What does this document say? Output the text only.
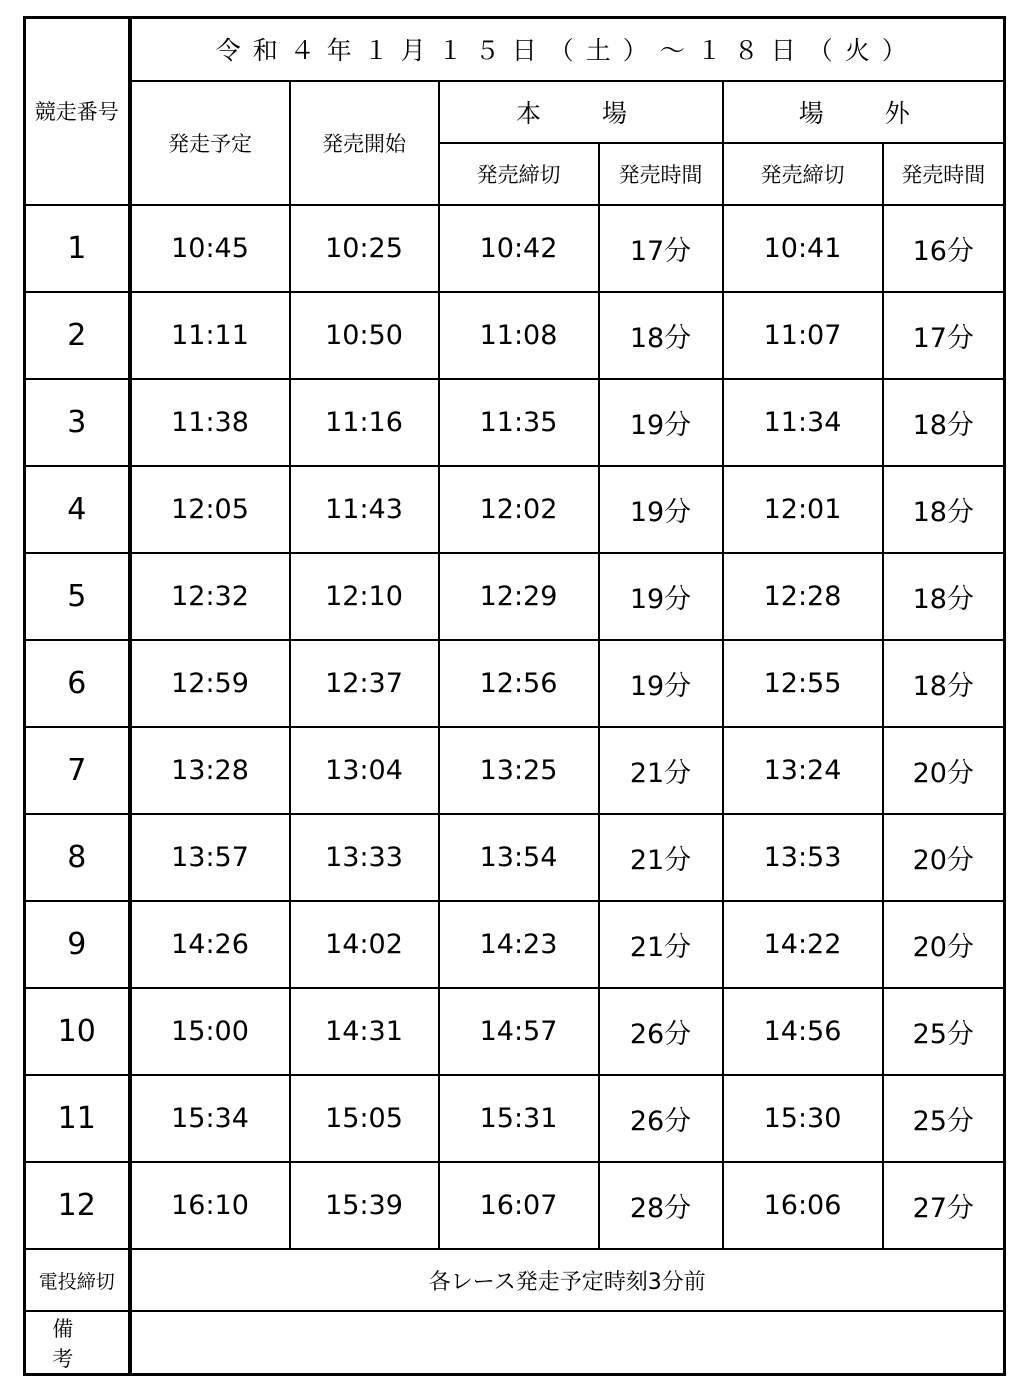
競走番号	令和４年１月１５日（土）～１８日（火）					
	発走予定	発売開始	本　場		場　外	
			発売締切	発売時間	発売締切	発売時間
1	10:45	10:25	10:42	17分	10:41	16分
2	11:11	10:50	11:08	18分	11:07	17分
3	11:38	11:16	11:35	19分	11:34	18分
4	12:05	11:43	12:02	19分	12:01	18分
5	12:32	12:10	12:29	19分	12:28	18分
6	12:59	12:37	12:56	19分	12:55	18分
7	13:28	13:04	13:25	21分	13:24	20分
8	13:57	13:33	13:54	21分	13:53	20分
9	14:26	14:02	14:23	21分	14:22	20分
10	15:00	14:31	14:57	26分	14:56	25分
11	15:34	15:05	15:31	26分	15:30	25分
12	16:10	15:39	16:07	28分	16:06	27分
電投締切	各レース発走予定時刻3分前					
備　考						
